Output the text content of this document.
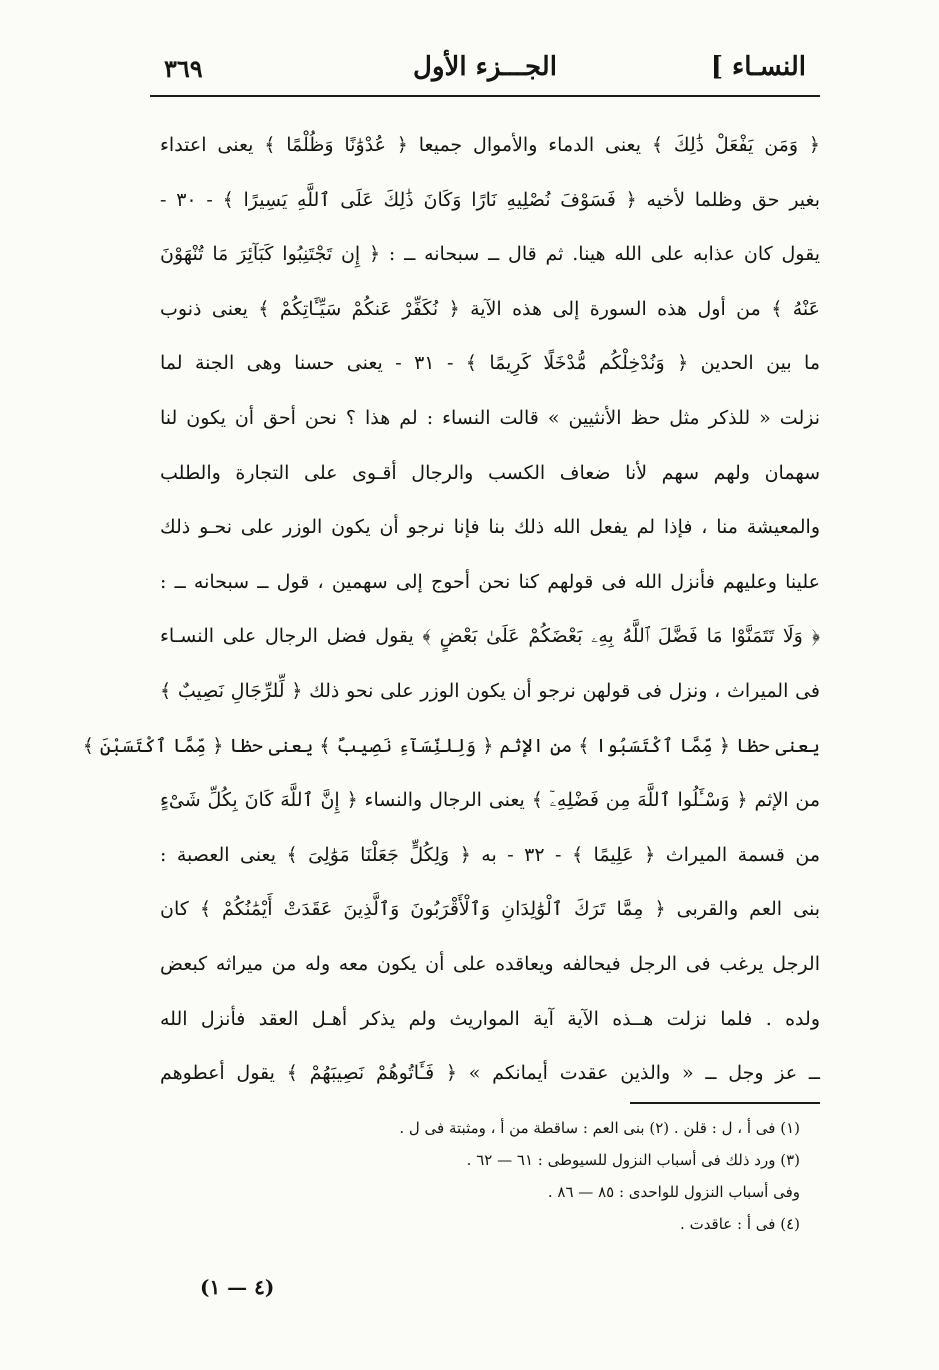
النسـاء ]
الجـــزء الأول
٣٦٩
﴿ وَمَن يَفْعَلْ ذَٰلِكَ ﴾ يعنى الدماء والأموال جميعا ﴿ عُدْوَٰنًا وَظُلْمًا ﴾ يعنى اعتداء
بغير حق وظلما لأخيه ﴿ فَسَوْفَ نُصْلِيهِ نَارًا وَكَانَ ذَٰلِكَ عَلَى ٱللَّهِ يَسِيرًا ﴾ - ٣٠ -
يقول كان عذابه على الله هينا. ثم قال ــ سبحانه ــ : ﴿ إِن تَجْتَنِبُوا كَبَآئِرَ مَا تُنْهَوْنَ
عَنْهُ ﴾ من أول هذه السورة إلى هذه الآية ﴿ نُكَفِّرْ عَنكُمْ سَيِّـَٔاتِكُمْ ﴾ يعنى ذنوب
ما بين الحدين ﴿ وَنُدْخِلْكُم مُّدْخَلًا كَرِيمًا ﴾ - ٣١ - يعنى حسنا وهى الجنة لما
نزلت « للذكر مثل حظ الأنثيين » قالت النساء : لم هذا ؟ نحن أحق أن يكون لنا
سهمان ولهم سهم لأنا ضعاف الكسب والرجال أقـوى على التجارة والطلب
والمعيشة منا ، فإذا لم يفعل الله ذلك بنا فإنا نرجو أن يكون الوزر على نحـو ذلك
علينا وعليهم فأنزل الله فى قولهم كنا نحن أحوج إلى سهمين ، قول ــ سبحانه ــ :
﴿ وَلَا تَتَمَنَّوْا مَا فَضَّلَ ٱللَّهُ بِهِۦ بَعْضَكُمْ عَلَىٰ بَعْضٍ ﴾ يقول فضل الرجال على النسـاء
فى الميراث ، ونزل فى قولهن نرجو أن يكون الوزر على نحو ذلك ﴿ لِّلرِّجَالِ نَصِيبٌ ﴾
يعنى حظا ﴿ مِّمَّا ٱكْتَسَبُوا ﴾ من الإثم ﴿ وَلِلنِّسَآءِ نَصِيبٌ ﴾ يعنى حظا ﴿ مِّمَّا ٱكْتَسَبْنَ ﴾
من الإثم ﴿ وَسْـَٔلُوا ٱللَّهَ مِن فَضْلِهِۦٓ ﴾ يعنى الرجال والنساء ﴿ إِنَّ ٱللَّهَ كَانَ بِكُلِّ شَىْءٍ
من قسمة الميراث ﴿ عَلِيمًا ﴾ - ٣٢ - به ﴿ وَلِكُلٍّ جَعَلْنَا مَوَٰلِىَ ﴾ يعنى العصبة :
بنى العم والقربى ﴿ مِمَّا تَرَكَ ٱلْوَٰلِدَانِ وَٱلْأَقْرَبُونَ وَٱلَّذِينَ عَقَدَتْ أَيْمَٰنُكُمْ ﴾ كان
الرجل يرغب فى الرجل فيحالفه ويعاقده على أن يكون معه وله من ميراثه كبعض
ولده . فلما نزلت هــذه الآية آية المواريث ولم يذكر أهـل العقد فأنزل الله
ــ عز وجل ــ « والذين عقدت أيمانكم » ﴿ فَـَٔاتُوهُمْ نَصِيبَهُمْ ﴾ يقول أعطوهم
(١) فى أ ، ل : قلن . (٢) بنى العم : ساقطة من أ ، ومثبتة فى ل .
(٣) ورد ذلك فى أسباب النزول للسيوطى : ٦١ — ٦٢ .
وفى أسباب النزول للواحدى : ٨٥ — ٨٦ .
(٤) فى أ : عاقدت .
(٤ — ١)
